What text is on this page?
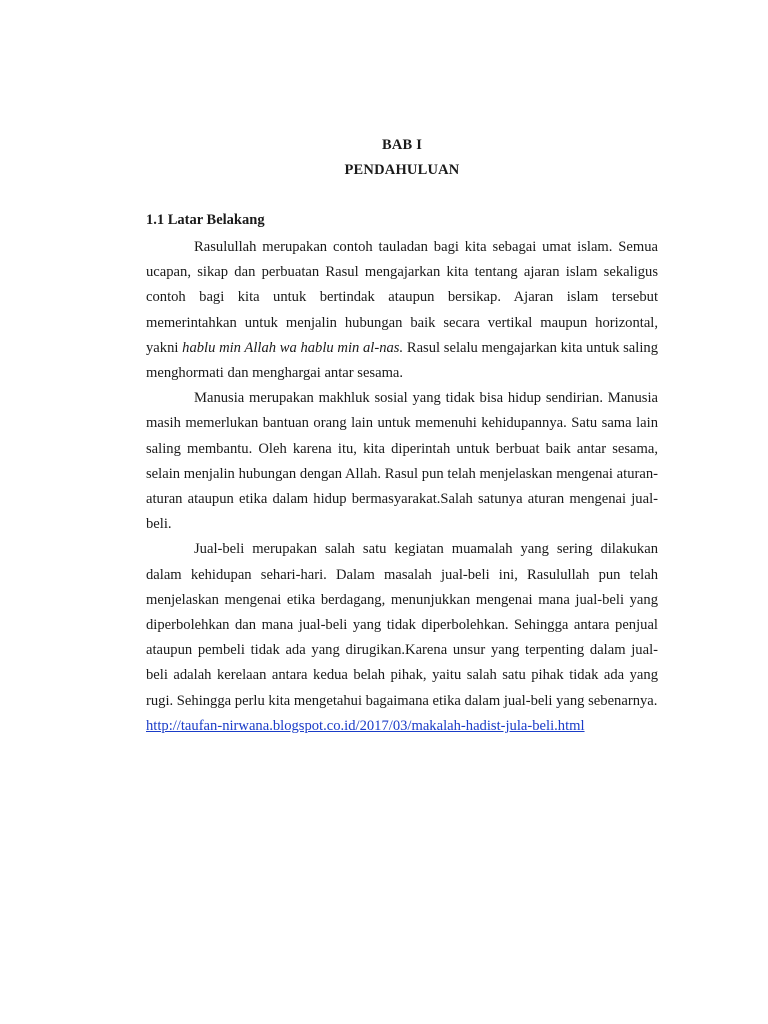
BAB I
PENDAHULUAN
1.1 Latar Belakang

Rasulullah merupakan contoh tauladan bagi kita sebagai umat islam. Semua ucapan, sikap dan perbuatan Rasul mengajarkan kita tentang ajaran islam sekaligus contoh bagi kita untuk bertindak ataupun bersikap. Ajaran islam tersebut memerintahkan untuk menjalin hubungan baik secara vertikal maupun horizontal, yakni hablu min Allah wa hablu min al-nas. Rasul selalu mengajarkan kita untuk saling menghormati dan menghargai antar sesama.

Manusia merupakan makhluk sosial yang tidak bisa hidup sendirian. Manusia masih memerlukan bantuan orang lain untuk memenuhi kehidupannya. Satu sama lain saling membantu. Oleh karena itu, kita diperintah untuk berbuat baik antar sesama, selain menjalin hubungan dengan Allah. Rasul pun telah menjelaskan mengenai aturan-aturan ataupun etika dalam hidup bermasyarakat.Salah satunya aturan mengenai jual-beli.

Jual-beli merupakan salah satu kegiatan muamalah yang sering dilakukan dalam kehidupan sehari-hari. Dalam masalah jual-beli ini, Rasulullah pun telah menjelaskan mengenai etika berdagang, menunjukkan mengenai mana jual-beli yang diperbolehkan dan mana jual-beli yang tidak diperbolehkan. Sehingga antara penjual ataupun pembeli tidak ada yang dirugikan.Karena unsur yang terpenting dalam jual-beli adalah kerelaan antara kedua belah pihak, yaitu salah satu pihak tidak ada yang rugi. Sehingga perlu kita mengetahui bagaimana etika dalam jual-beli yang sebenarnya.

http://taufan-nirwana.blogspot.co.id/2017/03/makalah-hadist-jula-beli.html
